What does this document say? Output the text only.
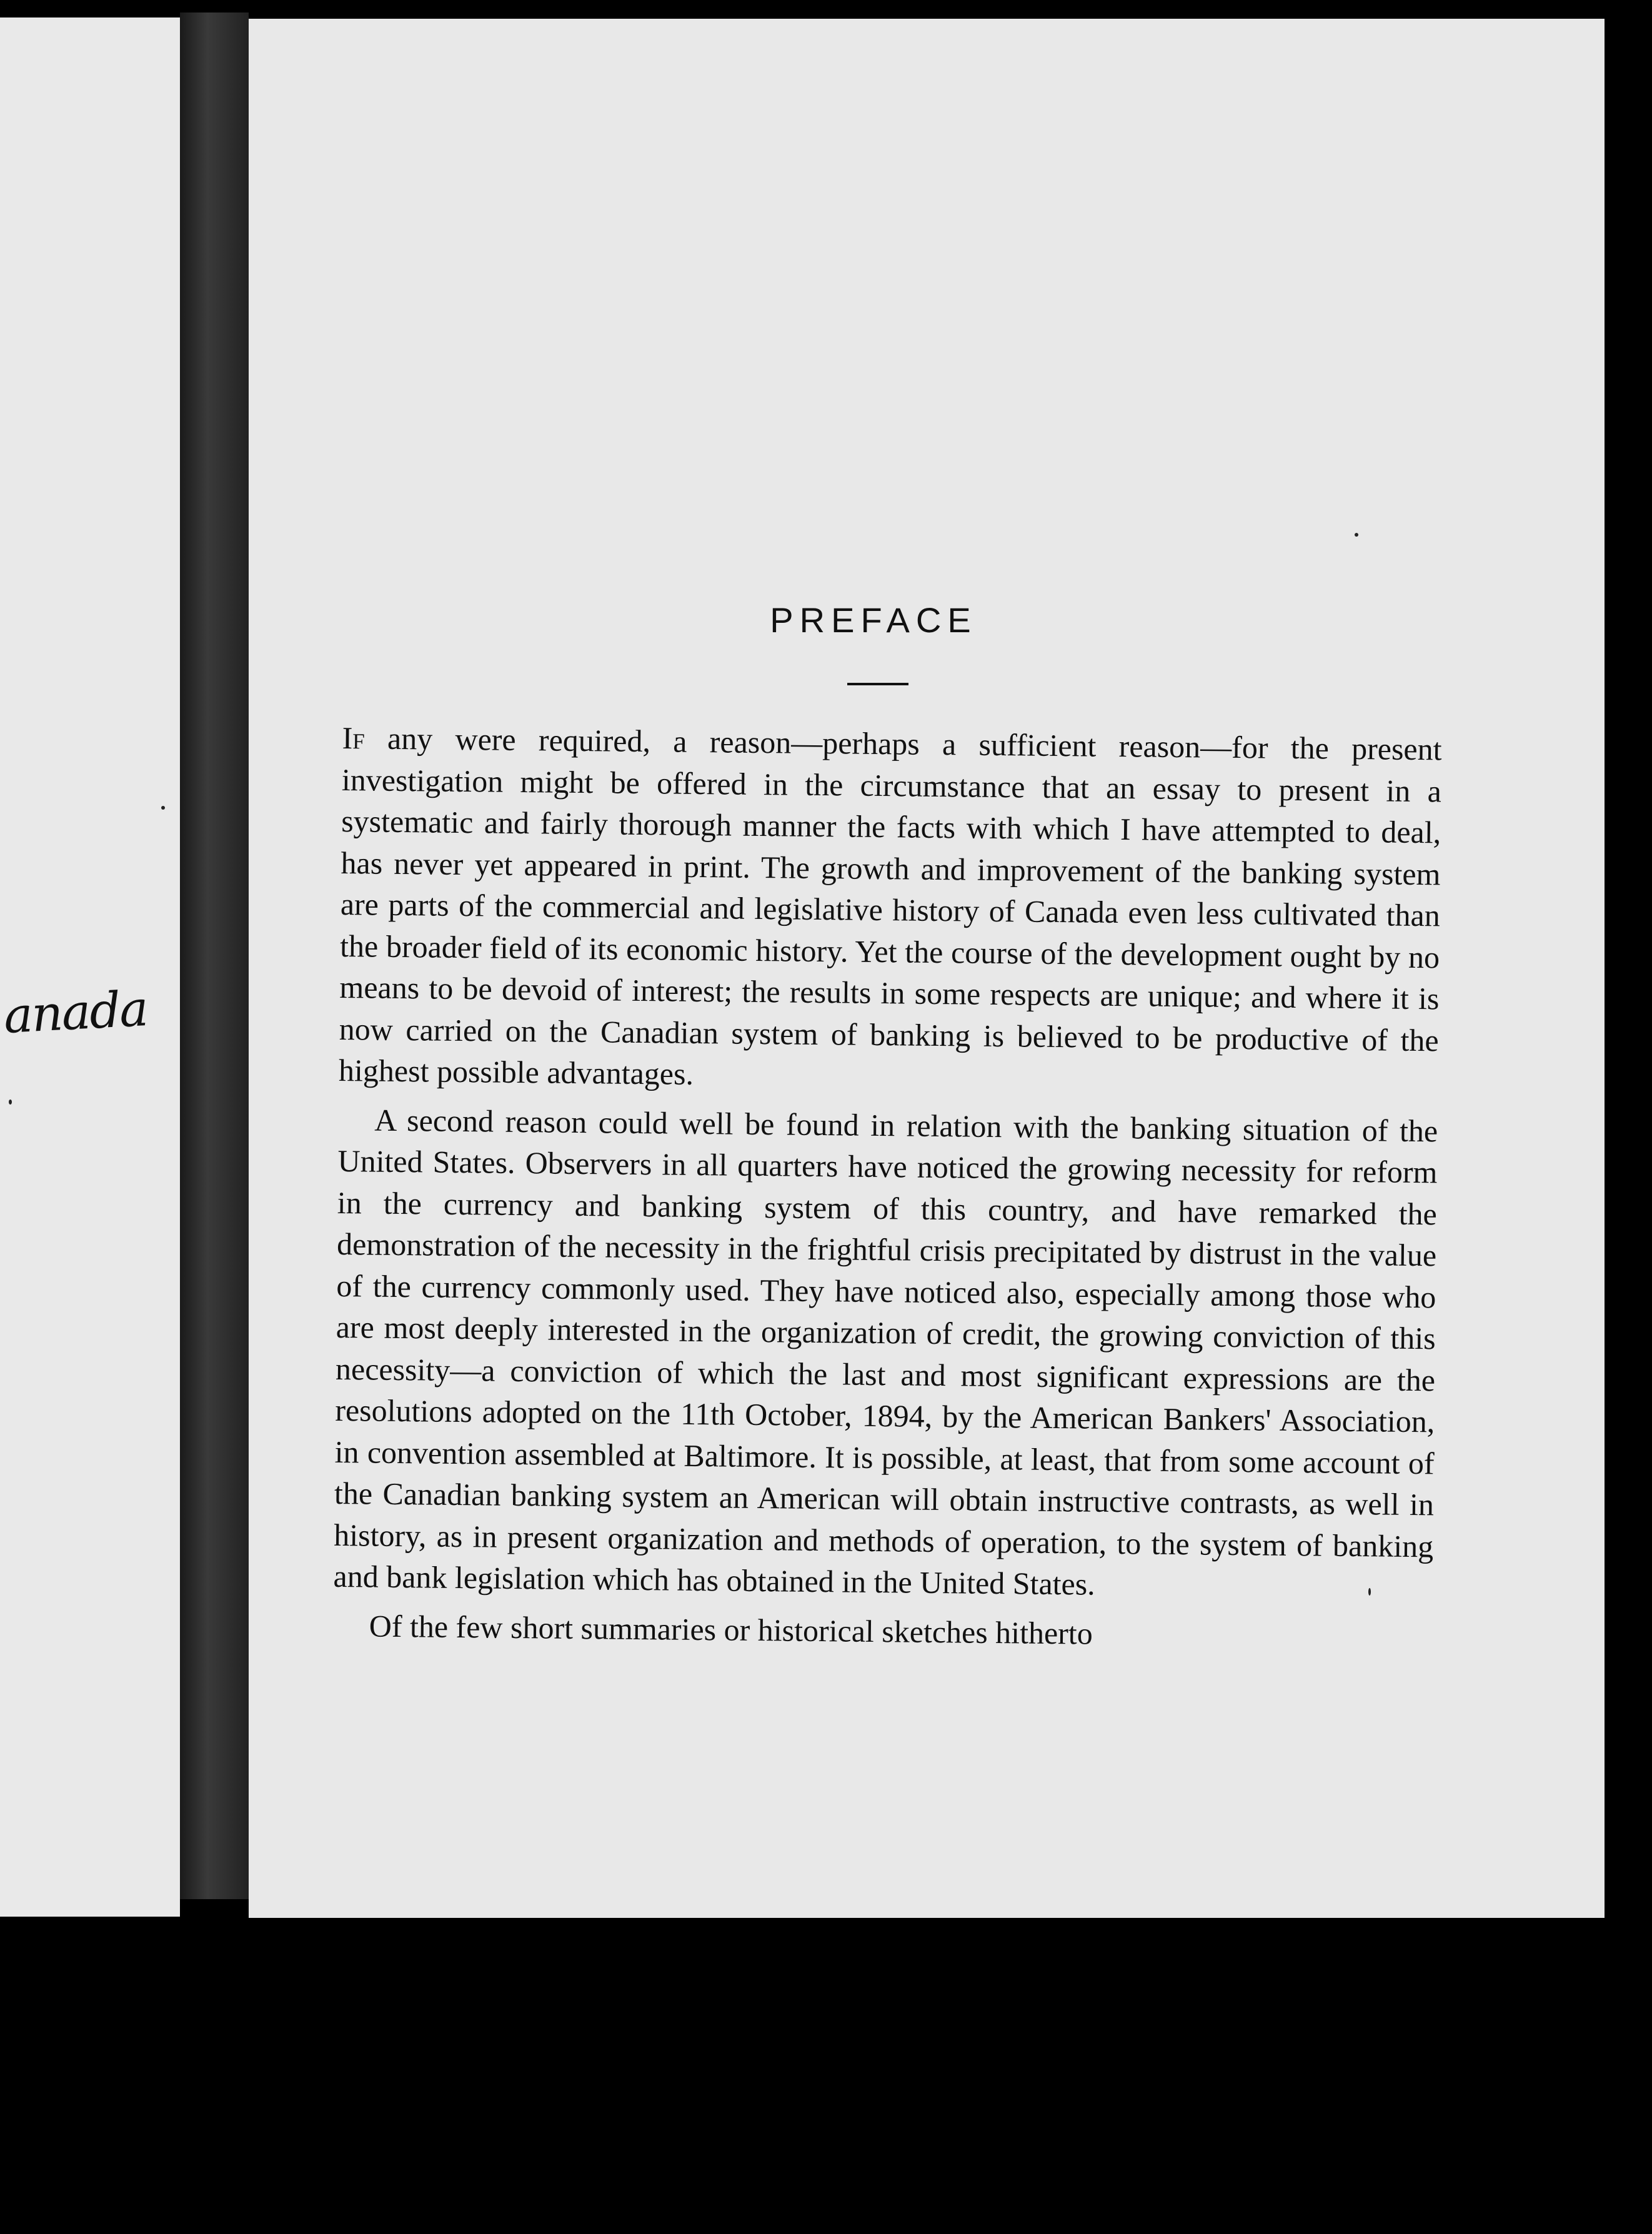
anada
PREFACE

If any were required, a reason—perhaps a sufficient reason—for the present investigation might be offered in the circumstance that an essay to present in a systematic and fairly thorough manner the facts with which I have attempted to deal, has never yet appeared in print. The growth and improvement of the banking system are parts of the commercial and legislative history of Canada even less cultivated than the broader field of its economic history. Yet the course of the development ought by no means to be devoid of interest; the results in some respects are unique; and where it is now carried on the Canadian system of banking is believed to be productive of the highest possible advantages.

A second reason could well be found in relation with the banking situation of the United States. Observers in all quarters have noticed the growing necessity for reform in the currency and banking system of this country, and have remarked the demonstration of the necessity in the frightful crisis precipitated by distrust in the value of the currency commonly used. They have noticed also, especially among those who are most deeply interested in the organization of credit, the growing conviction of this necessity—a conviction of which the last and most significant expressions are the resolutions adopted on the 11th October, 1894, by the American Bankers' Association, in convention assembled at Baltimore. It is possible, at least, that from some account of the Canadian banking system an American will obtain instructive contrasts, as well in history, as in present organization and methods of operation, to the system of banking and bank legislation which has obtained in the United States.

Of the few short summaries or historical sketches hitherto
